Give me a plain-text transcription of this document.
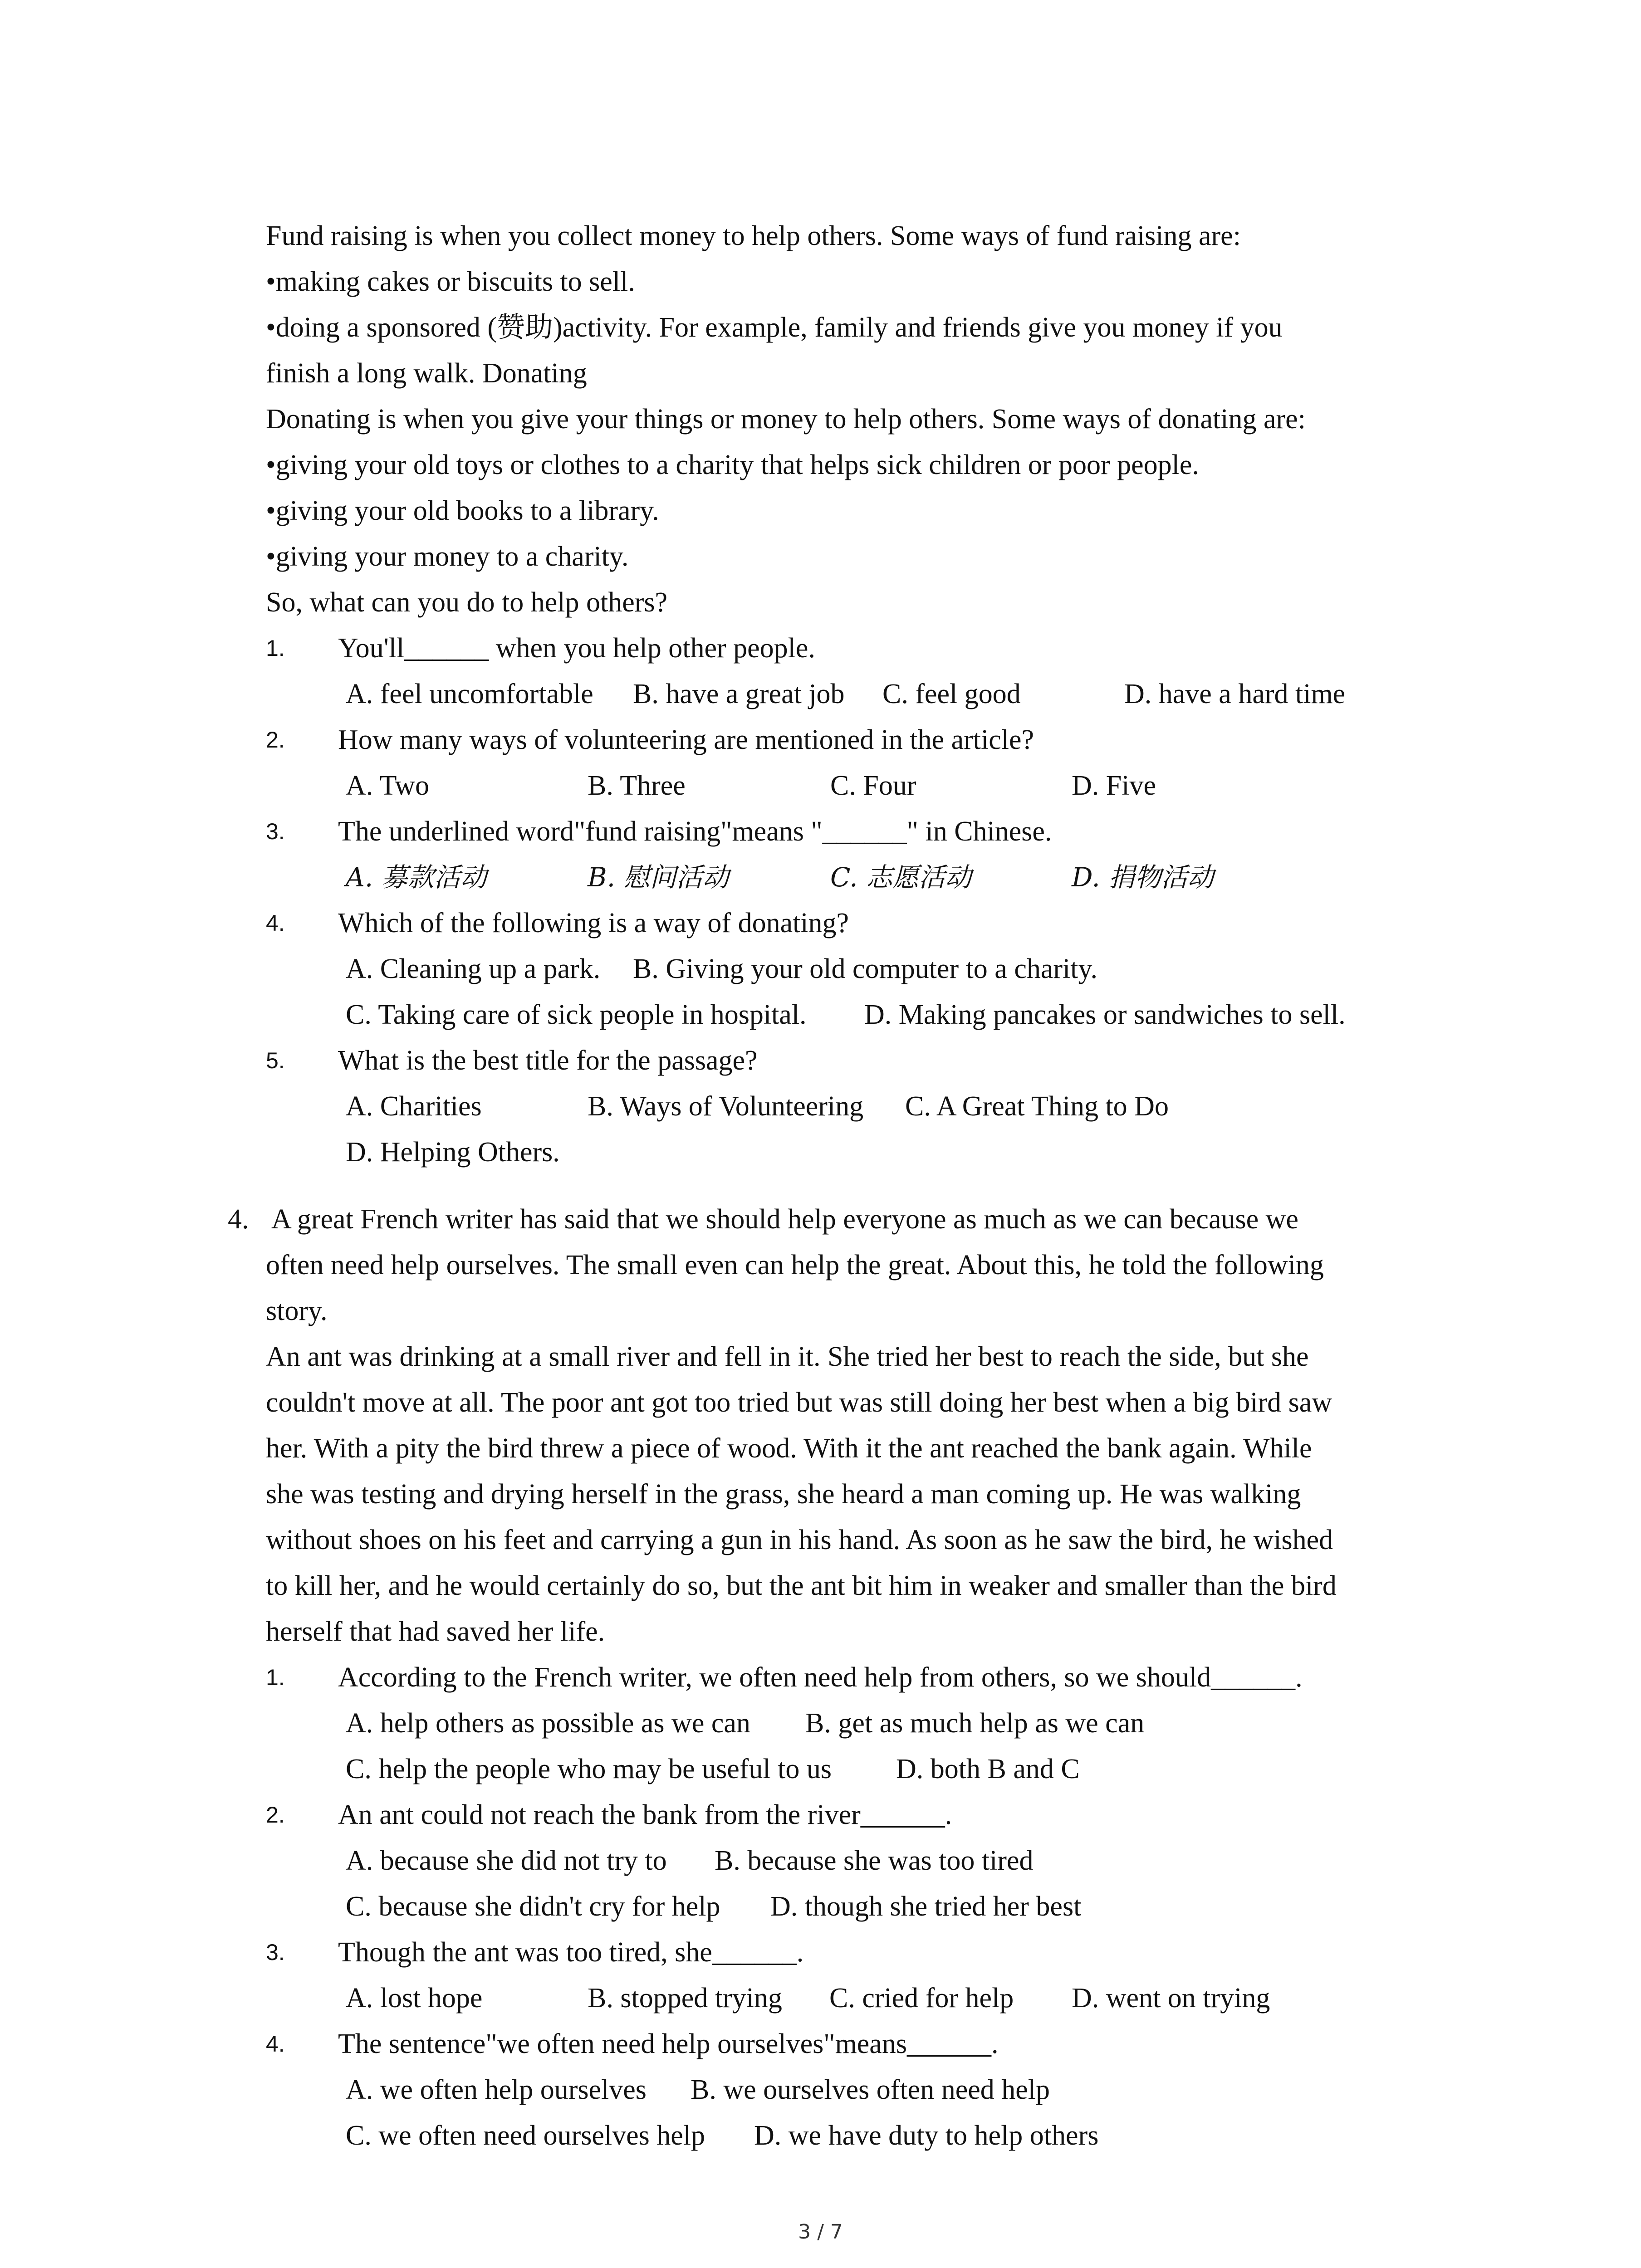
Fund raising is when you collect money to help others. Some ways of fund raising are:
•making cakes or biscuits to sell.
•doing a sponsored (赞助)activity. For example, family and friends give you money if you
finish a long walk. Donating
Donating is when you give your things or money to help others. Some ways of donating are:
•giving your old toys or clothes to a charity that helps sick children or poor people.
•giving your old books to a library.
•giving your money to a charity.
So, what can you do to help others?
1. You'll______ when you help other people.
A. feel uncomfortable B. have a great job C. feel good	D. have a hard time
2. How many ways of volunteering are mentioned in the article?
A. Two	B. Three	C. Four	D. Five
3. The underlined word"fund raising"means "______" in Chinese.
A. 募款活动	B. 慰问活动	C. 志愿活动	D. 捐物活动
4. Which of the following is a way of donating?
A. Cleaning up a park. B. Giving your old computer to a charity.
C. Taking care of sick people in hospital. D. Making pancakes or sandwiches to sell.
5. What is the best title for the passage?
A. Charities	B. Ways of Volunteering C. A Great Thing to Do
D. Helping Others.
4. A great French writer has said that we should help everyone as much as we can because we
often need help ourselves. The small even can help the great. About this, he told the following
story.
An ant was drinking at a small river and fell in it. She tried her best to reach the side, but she
couldn't move at all. The poor ant got too tried but was still doing her best when a big bird saw
her. With a pity the bird threw a piece of wood. With it the ant reached the bank again. While
she was testing and drying herself in the grass, she heard a man coming up. He was walking
without shoes on his feet and carrying a gun in his hand. As soon as he saw the bird, he wished
to kill her, and he would certainly do so, but the ant bit him in weaker and smaller than the bird
herself that had saved her life.
1. According to the French writer, we often need help from others, so we should______.
A. help others as possible as we can B. get as much help as we can
C. help the people who may be useful to us D. both B and C
2. An ant could not reach the bank from the river______.
A. because she did not try to B. because she was too tired
C. because she didn't cry for help D. though she tried her best
3. Though the ant was too tired, she______.
A. lost hope	B. stopped trying C. cried for help D. went on trying
4. The sentence"we often need help ourselves"means______.
A. we often help ourselves B. we ourselves often need help
C. we often need ourselves help D. we have duty to help others
3 / 7
